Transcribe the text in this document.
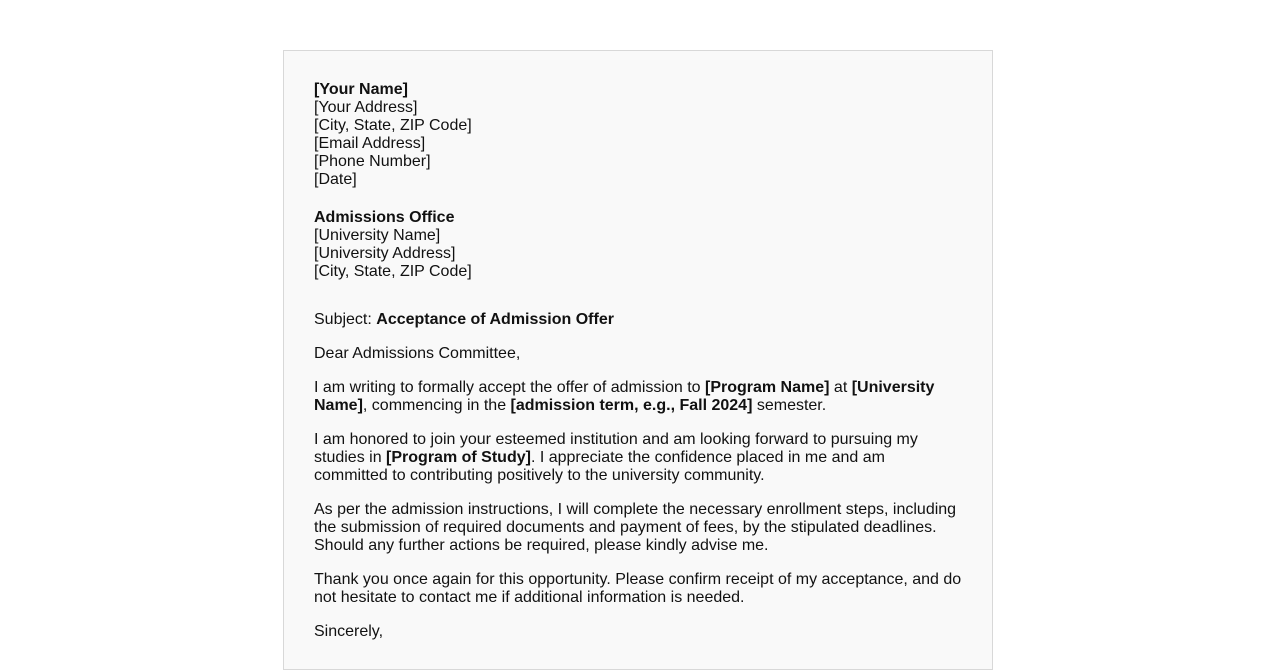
[Your Name]
[Your Address]
[City, State, ZIP Code]
[Email Address]
[Phone Number]
[Date]
Admissions Office
[University Name]
[University Address]
[City, State, ZIP Code]

Subject: Acceptance of Admission Offer

Dear Admissions Committee,

I am writing to formally accept the offer of admission to [Program Name] at [University Name], commencing in the [admission term, e.g., Fall 2024] semester.

I am honored to join your esteemed institution and am looking forward to pursuing my studies in [Program of Study]. I appreciate the confidence placed in me and am committed to contributing positively to the university community.

As per the admission instructions, I will complete the necessary enrollment steps, including the submission of required documents and payment of fees, by the stipulated deadlines. Should any further actions be required, please kindly advise me.

Thank you once again for this opportunity. Please confirm receipt of my acceptance, and do not hesitate to contact me if additional information is needed.

Sincerely,
